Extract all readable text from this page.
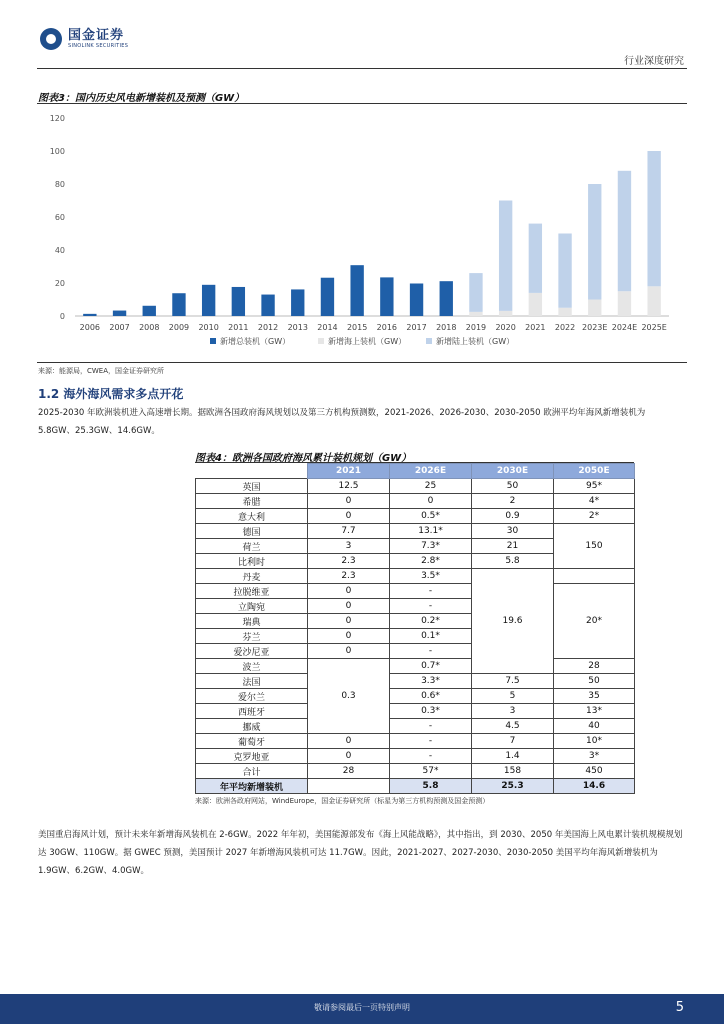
国金证券
SINOLINK SECURITIES
行业深度研究
图表3：国内历史风电新增装机及预测（GW）
0
20
40
60
80
100
120
2006 2007 2008 2009 2010 2011 2012 2013 2014 2015 2016 2017 2018 2019 2020 2021 2022 2023E 2024E 2025E
新增总装机（GW）	新增海上装机（GW）	新增陆上装机（GW）
来源：能源局，CWEA，国金证券研究所
1.2 海外海风需求多点开花
2025-2030 年欧洲装机进入高速增长期。据欧洲各国政府海风规划以及第三方机构预测数，2021-2026、2026-2030、2030-2050 欧洲平均年海风新增装机为 5.8GW、25.3GW、14.6GW。
图表4：欧洲各国政府海风累计装机规划（GW）
	2021	2026E	2030E	2050E
英国	12.5	25	50	95*
希腊	0	0	2	4*
意大利	0	0.5*	0.9	2*
德国	7.7	13.1*	30	150
荷兰	3	7.3*	21	
比利时	2.3	2.8*	5.8	
丹麦	2.3	3.5*	19.6	
拉脱维亚	0	-		20*
立陶宛	0	-		
瑞典	0	0.2*		
芬兰	0	0.1*		
爱沙尼亚	0	-		
波兰	0.3	0.7*		28
法国		3.3*	7.5	50
爱尔兰		0.6*	5	35
西班牙		0.3*	3	13*
挪威		-	4.5	40
葡萄牙	0	-	7	10*
克罗地亚	0	-	1.4	3*
合计	28	57*	158	450
年平均新增装机		5.8	25.3	14.6
来源：欧洲各政府网站，WindEurope，国金证券研究所（标星为第三方机构预测及国金预测）
美国重启海风计划，预计未来年新增海风装机在 2-6GW。2022 年年初，美国能源部发布《海上风能战略》，其中指出，到 2030、2050 年美国海上风电累计装机规模规划达 30GW、110GW。据 GWEC 预测，美国预计 2027 年新增海风装机可达 11.7GW。因此，2021-2027、2027-2030、2030-2050 美国平均年海风新增装机为 1.9GW、6.2GW、4.0GW。
敬请参阅最后一页特别声明	5
